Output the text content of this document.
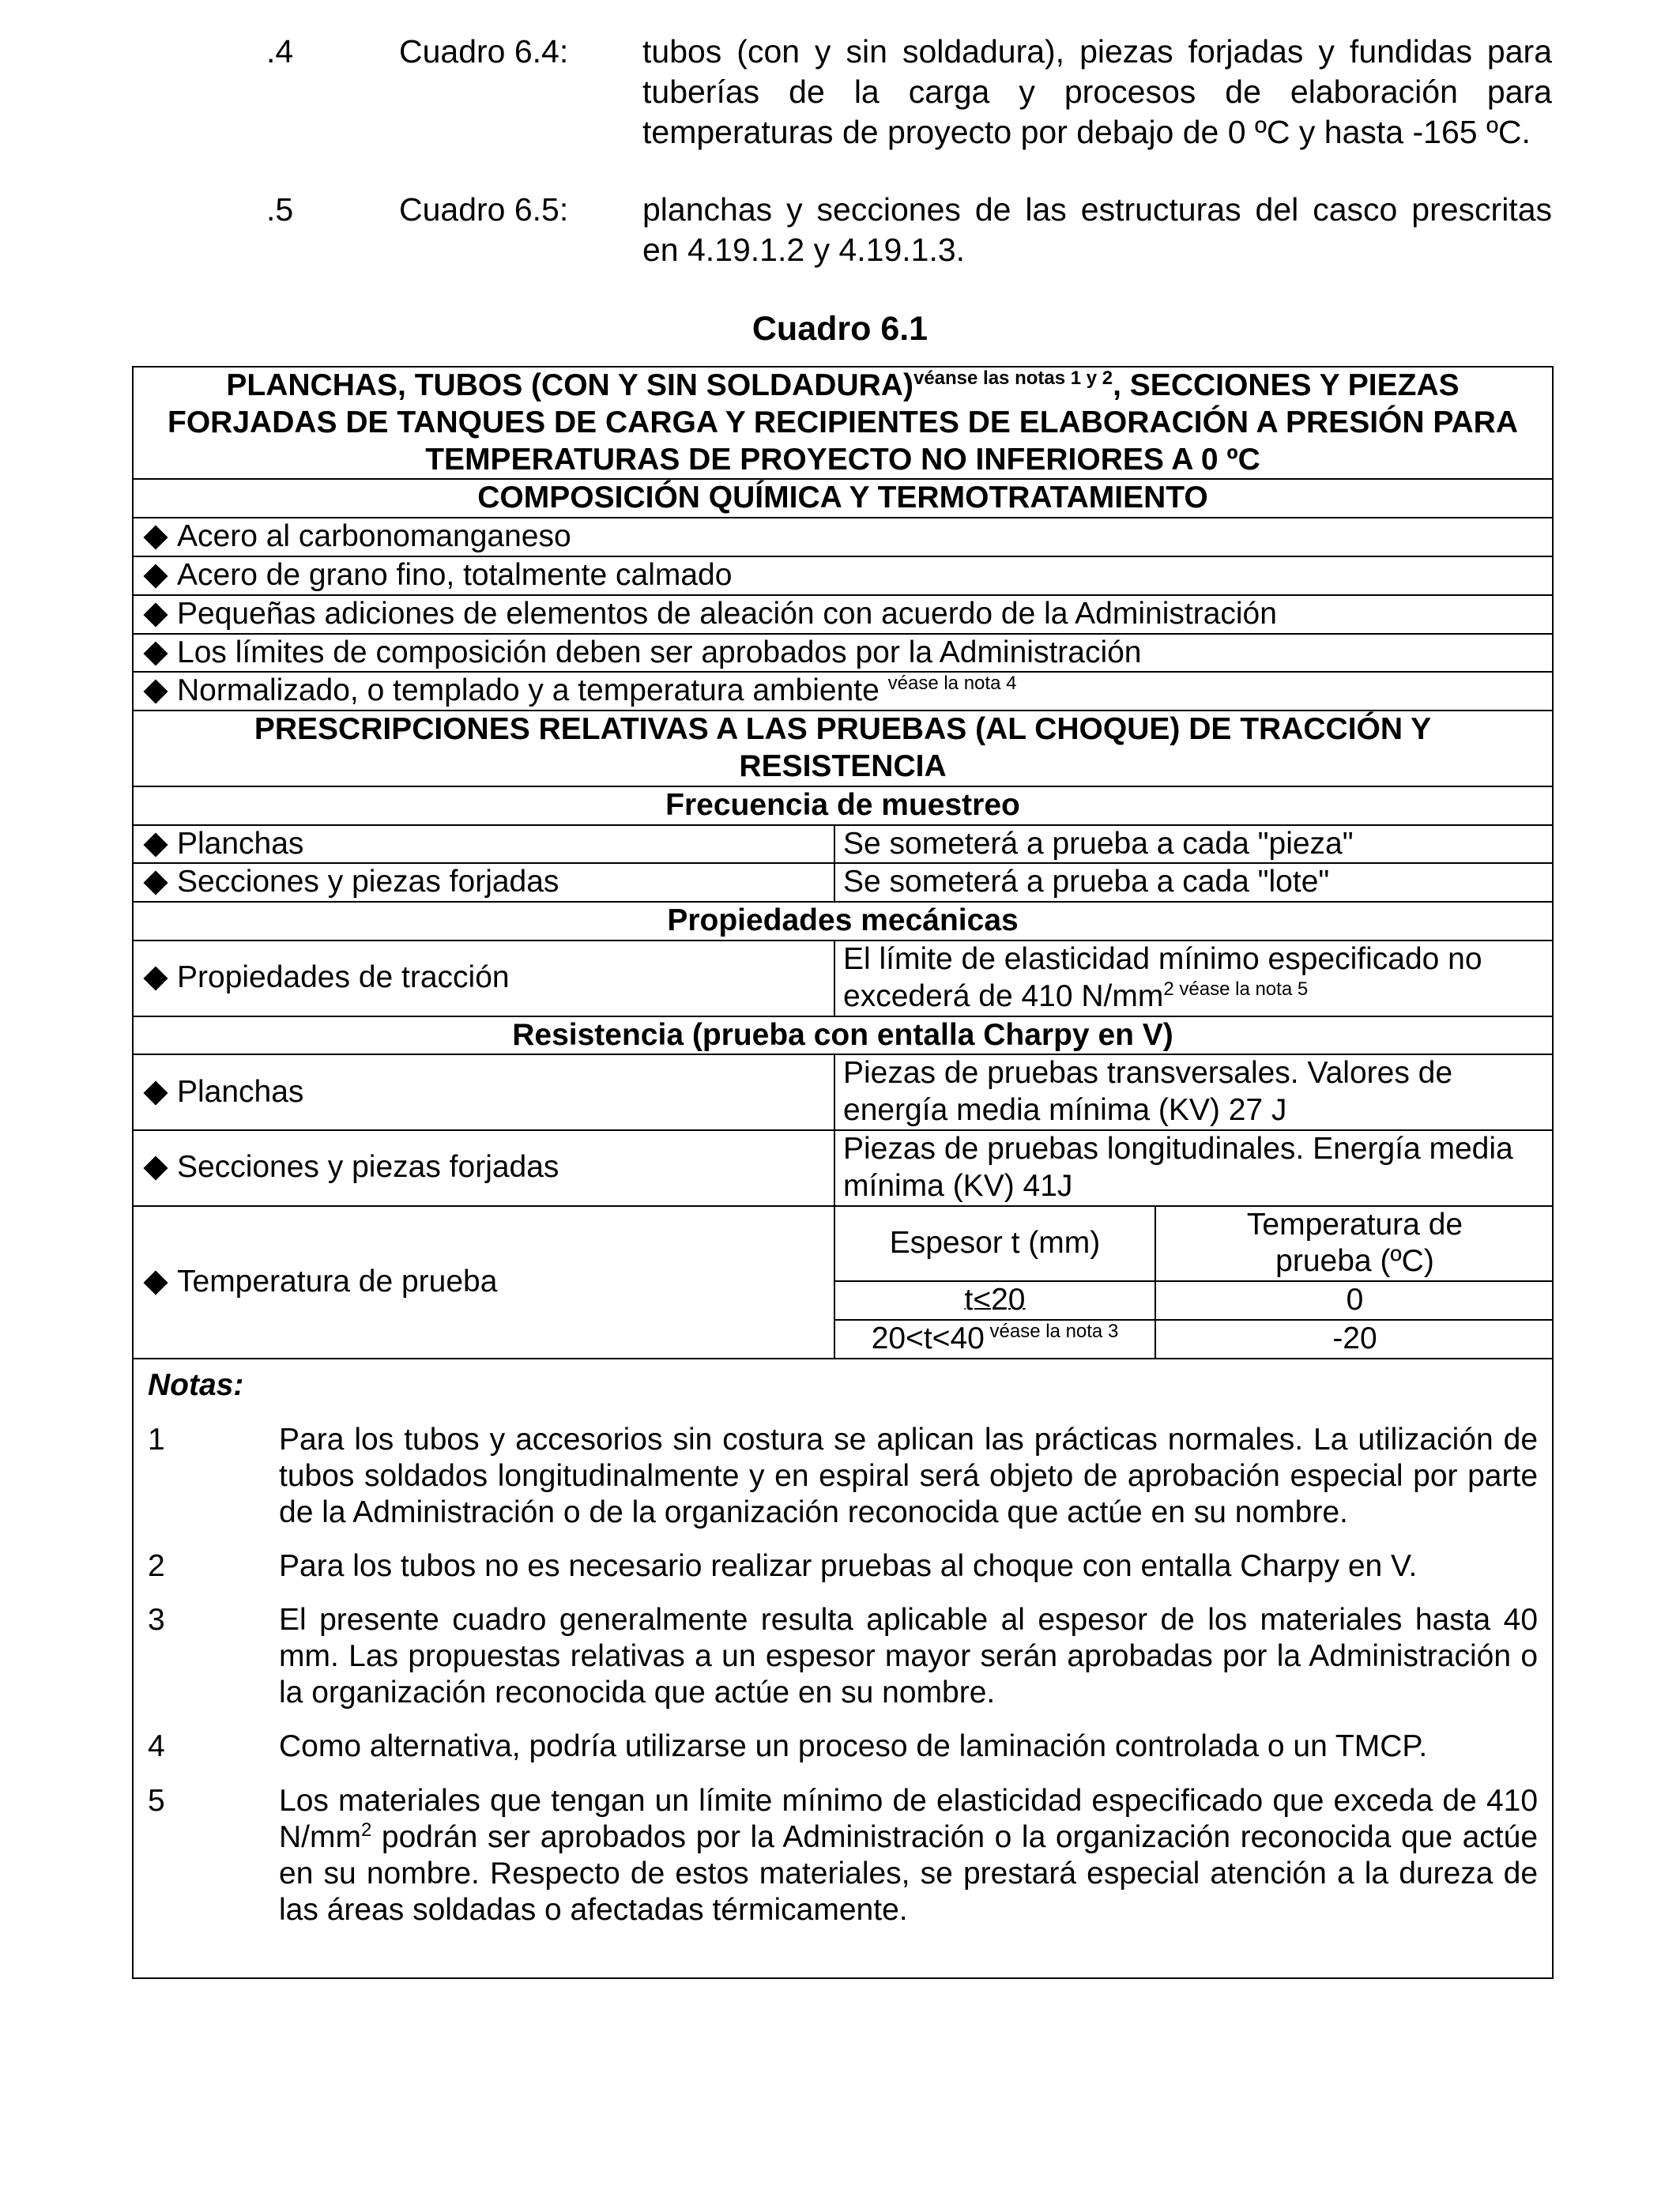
.4	Cuadro 6.4: tubos (con y sin soldadura), piezas forjadas y fundidas para tuberías de la carga y procesos de elaboración para temperaturas de proyecto por debajo de 0 ºC y hasta -165 ºC.
.5	Cuadro 6.5: planchas y secciones de las estructuras del casco prescritas en 4.19.1.2 y 4.19.1.3.
Cuadro 6.1
PLANCHAS, TUBOS (CON Y SIN SOLDADURA)$^{véanse las notas 1 y 2}$, SECCIONES Y PIEZAS FORJADAS DE TANQUES DE CARGA Y RECIPIENTES DE ELABORACIÓN A PRESIÓN PARA TEMPERATURAS DE PROYECTO NO INFERIORES A 0 ºC
COMPOSICIÓN QUÍMICA Y TERMOTRATAMIENTO
	Acero al carbonomanganeso
	Acero de grano fino, totalmente calmado
	Pequeñas adiciones de elementos de aleación con acuerdo de la Administración
	Los límites de composición deben ser aprobados por la Administración
	Normalizado, o templado y a temperatura ambiente $^{véase la nota 4}$
PRESCRIPCIONES RELATIVAS A LAS PRUEBAS (AL CHOQUE) DE TRACCIÓN Y RESISTENCIA
Frecuencia de muestreo
	Planchas	Se someterá a prueba a cada "pieza"
	Secciones y piezas forjadas	Se someterá a prueba a cada "lote"
Propiedades mecánicas
	Propiedades de tracción	El límite de elasticidad mínimo especificado no excederá de 410 $N/mm^2$ $^{véase la nota 5}$
Resistencia (prueba con entalla Charpy en V)
	Planchas	Piezas de pruebas transversales. Valores de energía media mínima (KV) 27 J
	Secciones y piezas forjadas	Piezas de pruebas longitudinales. Energía media mínima (KV) 41J
	Temperatura de prueba	
Espesor t (mm)	Temperatura de prueba (ºC)
t<20	0
20<t<40 $^{véase la nota 3}$	-20

Notas:
1	Para los tubos y accesorios sin costura se aplican las prácticas normales. La utilización de tubos soldados longitudinalmente y en espiral será objeto de aprobación especial por parte de la Administración o de la organización reconocida que actúe en su nombre.
2	Para los tubos no es necesario realizar pruebas al choque con entalla Charpy en V.
3	El presente cuadro generalmente resulta aplicable al espesor de los materiales hasta 40 mm. Las propuestas relativas a un espesor mayor serán aprobadas por la Administración o la organización reconocida que actúe en su nombre.
4	Como alternativa, podría utilizarse un proceso de laminación controlada o un TMCP.
5	Los materiales que tengan un límite mínimo de elasticidad especificado que exceda de 410 $N/mm^2$ podrán ser aprobados por la Administración o la organización reconocida que actúe en su nombre. Respecto de estos materiales, se prestará especial atención a la dureza de las áreas soldadas o afectadas térmicamente.
